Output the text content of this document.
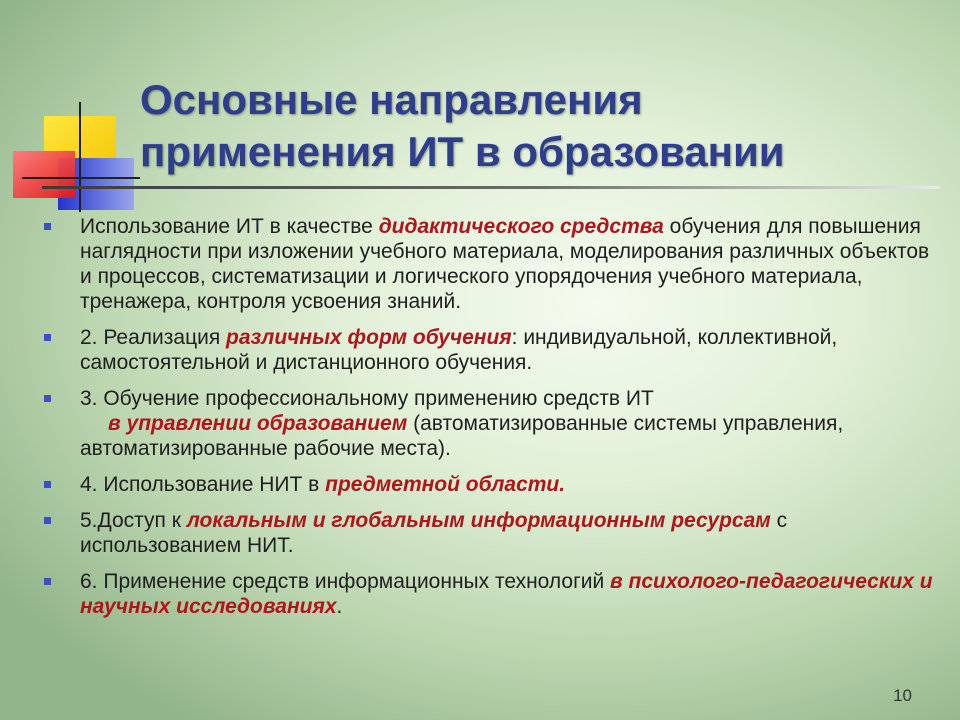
Основные направления
применения ИТ в образовании
Использование ИТ в качестве дидактического средства обучения для повышения наглядности при изложении учебного материала, моделирования различных объектов и процессов, систематизации и логического упорядочения учебного материала, тренажера, контроля усвоения знаний.
2. Реализация различных форм обучения: индивидуальной, коллективной, самостоятельной и дистанционного обучения.
3. Обучение профессиональному применению средств ИТ
в управлении образованием (автоматизированные системы управления, автоматизированные рабочие места).
4. Использование НИТ в предметной области.
5.Доступ к локальным и глобальным информационным ресурсам с использованием НИТ.
6. Применение средств информационных технологий в психолого-педагогических и научных исследованиях.
10
